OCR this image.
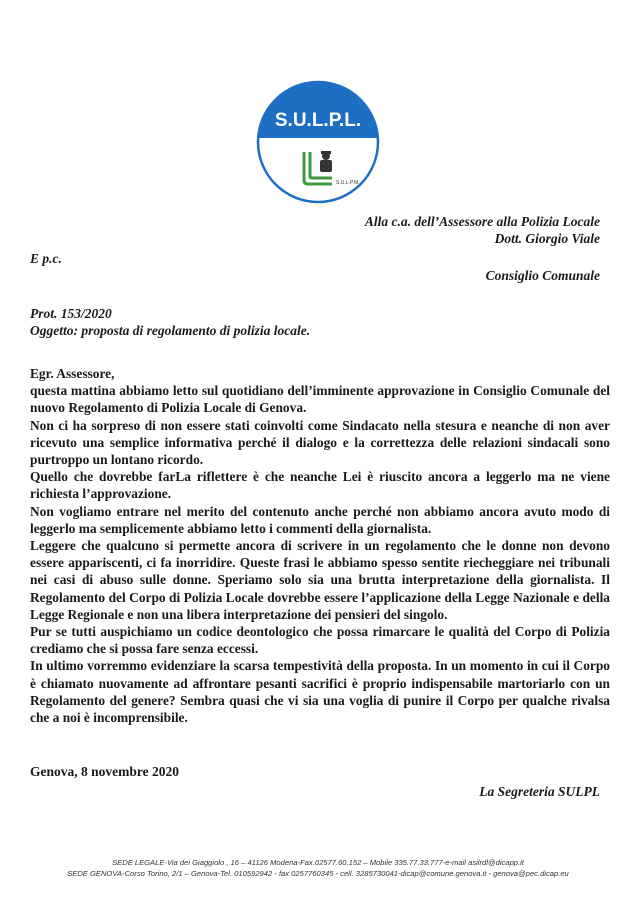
S.U.L.P.L.
S.U.L.P.M.
Alla c.a. dell’Assessore alla Polizia Locale
Dott. Giorgio Viale
E p.c.
Consiglio Comunale
Prot. 153/2020
Oggetto: proposta di regolamento di polizia locale.

Egr. Assessore,

questa mattina abbiamo letto sul quotidiano dell’imminente approvazione in Consiglio Comunale del nuovo Regolamento di Polizia Locale di Genova.

Non ci ha sorpreso di non essere stati coinvolti come Sindacato nella stesura e neanche di non aver ricevuto una semplice informativa perché il dialogo e la correttezza delle relazioni sindacali sono purtroppo un lontano ricordo.

Quello che dovrebbe farLa riflettere è che neanche Lei è riuscito ancora a leggerlo ma ne viene richiesta l’approvazione.

Non vogliamo entrare nel merito del contenuto anche perché non abbiamo ancora avuto modo di leggerlo ma semplicemente abbiamo letto i commenti della giornalista.

Leggere che qualcuno si permette ancora di scrivere in un regolamento che le donne non devono essere appariscenti, ci fa inorridire. Queste frasi le abbiamo spesso sentite riecheggiare nei tribunali nei casi di abuso sulle donne. Speriamo solo sia una brutta interpretazione della giornalista. Il Regolamento del Corpo di Polizia Locale dovrebbe essere l’applicazione della Legge Nazionale e della Legge Regionale e non una libera interpretazione dei pensieri del singolo.

Pur se tutti auspichiamo un codice deontologico che possa rimarcare le qualità del Corpo di Polizia crediamo che si possa fare senza eccessi.

In ultimo vorremmo evidenziare la scarsa tempestività della proposta. In un momento in cui il Corpo è chiamato nuovamente ad affrontare pesanti sacrifici è proprio indispensabile martoriarlo con un Regolamento del genere? Sembra quasi che vi sia una voglia di punire il Corpo per qualche rivalsa che a noi è incomprensibile.

Genova, 8 novembre 2020
La Segreteria SULPL
SEDE LEGALE-Via dei Giaggiolo , 16 – 41126 Modena-Fax.02577.60.152 – Mobile 335.77.33.777-e-mail asilrdl@dicapp.it
SEDE GENOVA-Corso Torino, 2/1 – Genova-Tel. 010592942 - fax 0257760345 - cell. 3285730041-dicap@comune.genova.it - genova@pec.dicap.eu
